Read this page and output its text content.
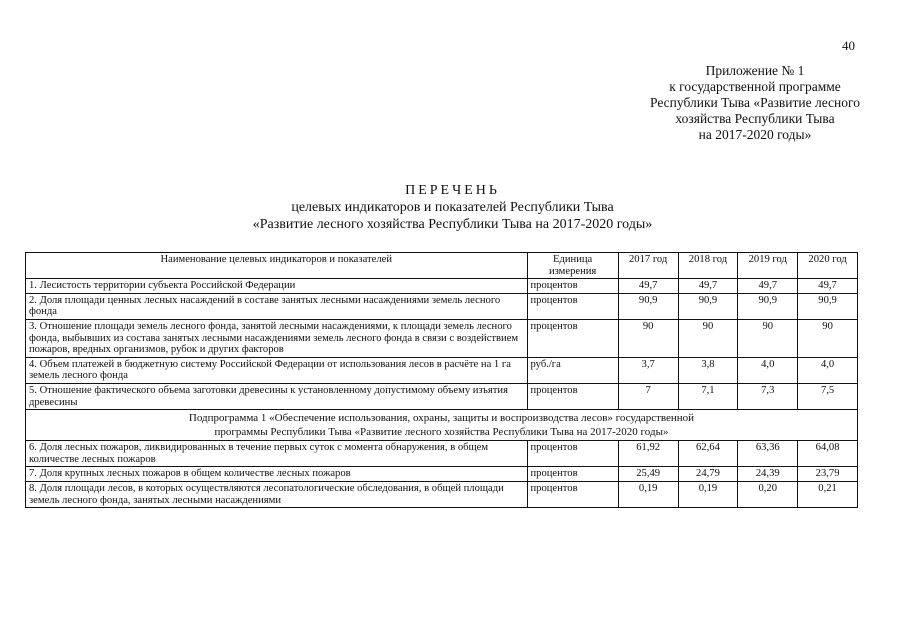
40
Приложение № 1
к государственной программе
Республики Тыва «Развитие лесного
хозяйства Республики Тыва
на 2017-2020 годы»
ПЕРЕЧЕНЬ
целевых индикаторов и показателей Республики Тыва
«Развитие лесного хозяйства Республики Тыва на 2017-2020 годы»
Наименование целевых индикаторов и показателей	Единица измерения	2017 год	2018 год	2019 год	2020 год
1. Лесистость территории субъекта Российской Федерации	процентов	49,7	49,7	49,7	49,7
2. Доля площади ценных лесных насаждений в составе занятых лесными насаждениями земель лесного фонда	процентов	90,9	90,9	90,9	90,9
3. Отношение площади земель лесного фонда, занятой лесными насаждениями, к площади земель лесного фонда, выбывших из состава занятых лесными насаждениями земель лесного фонда в связи с воздействием пожаров, вредных организмов, рубок и других факторов	процентов	90	90	90	90
4. Объем платежей в бюджетную систему Российской Федерации от использования лесов в расчёте на 1 га земель лесного фонда	руб./га	3,7	3,8	4,0	4,0
5. Отношение фактического объема заготовки древесины к установленному допустимому объему изъятия древесины	процентов	7	7,1	7,3	7,5

Подпрограмма 1 «Обеспечение использования, охраны, защиты и воспроизводства лесов» государственной
программы Республики Тыва «Развитие лесного хозяйства Республики Тыва на 2017-2020 годы»					

6. Доля лесных пожаров, ликвидированных в течение первых суток с момента обнаружения, в общем количестве лесных пожаров	процентов	61,92	62,64	63,36	64,08
7. Доля крупных лесных пожаров в общем количестве лесных пожаров	процентов	25,49	24,79	24,39	23,79
8. Доля площади лесов, в которых осуществляются лесопатологические обследования, в общей площади земель лесного фонда, занятых лесными насаждениями	процентов	0,19	0,19	0,20	0,21
